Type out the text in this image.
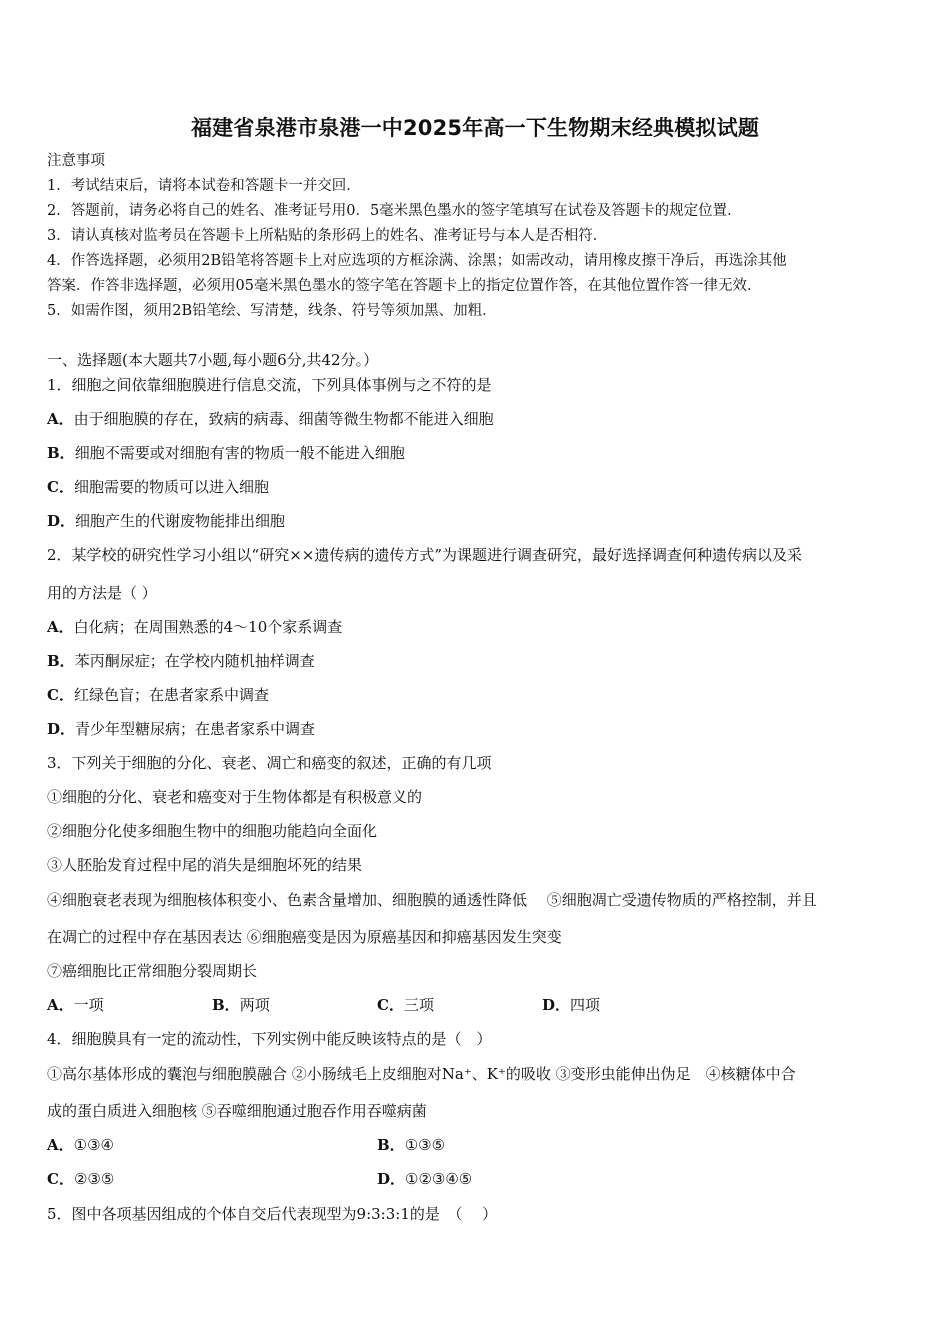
福建省泉港市泉港一中2025年高一下生物期末经典模拟试题
注意事项
1．考试结束后，请将本试卷和答题卡一并交回．
2．答题前，请务必将自己的姓名、准考证号用0．5毫米黑色墨水的签字笔填写在试卷及答题卡的规定位置．
3．请认真核对监考员在答题卡上所粘贴的条形码上的姓名、准考证号与本人是否相符．
4．作答选择题，必须用2B铅笔将答题卡上对应选项的方框涂满、涂黑；如需改动，请用橡皮擦干净后，再选涂其他
答案．作答非选择题，必须用05毫米黑色墨水的签字笔在答题卡上的指定位置作答，在其他位置作答一律无效．
5．如需作图，须用2B铅笔绘、写清楚，线条、符号等须加黑、加粗．
一、选择题(本大题共7小题,每小题6分,共42分。）
1．细胞之间依靠细胞膜进行信息交流，下列具体事例与之不符的是
A．由于细胞膜的存在，致病的病毒、细菌等微生物都不能进入细胞
B．细胞不需要或对细胞有害的物质一般不能进入细胞
C．细胞需要的物质可以进入细胞
D．细胞产生的代谢废物能排出细胞
2．某学校的研究性学习小组以“研究××遗传病的遗传方式”为课题进行调查研究，最好选择调查何种遗传病以及采
用的方法是（ ）
A．白化病；在周围熟悉的4～10个家系调查
B．苯丙酮尿症；在学校内随机抽样调查
C．红绿色盲；在患者家系中调查
D．青少年型糖尿病；在患者家系中调查
3．下列关于细胞的分化、衰老、凋亡和癌变的叙述，正确的有几项
①细胞的分化、衰老和癌变对于生物体都是有积极意义的
②细胞分化使多细胞生物中的细胞功能趋向全面化
③人胚胎发育过程中尾的消失是细胞坏死的结果
④细胞衰老表现为细胞核体积变小、色素含量增加、细胞膜的通透性降低　 ⑤细胞凋亡受遗传物质的严格控制，并且
在凋亡的过程中存在基因表达 ⑥细胞癌变是因为原癌基因和抑癌基因发生突变
⑦癌细胞比正常细胞分裂周期长
A．一项	B．两项	C．三项	D．四项
4．细胞膜具有一定的流动性，下列实例中能反映该特点的是（　）
①高尔基体形成的囊泡与细胞膜融合 ②小肠绒毛上皮细胞对Na⁺、K⁺的吸收 ③变形虫能伸出伪足　④核糖体中合
成的蛋白质进入细胞核 ⑤吞噬细胞通过胞吞作用吞噬病菌
A．①③④	B．①③⑤
C．②③⑤	D．①②③④⑤
5．图中各项基因组成的个体自交后代表现型为9:3:3:1的是　（　 ）
